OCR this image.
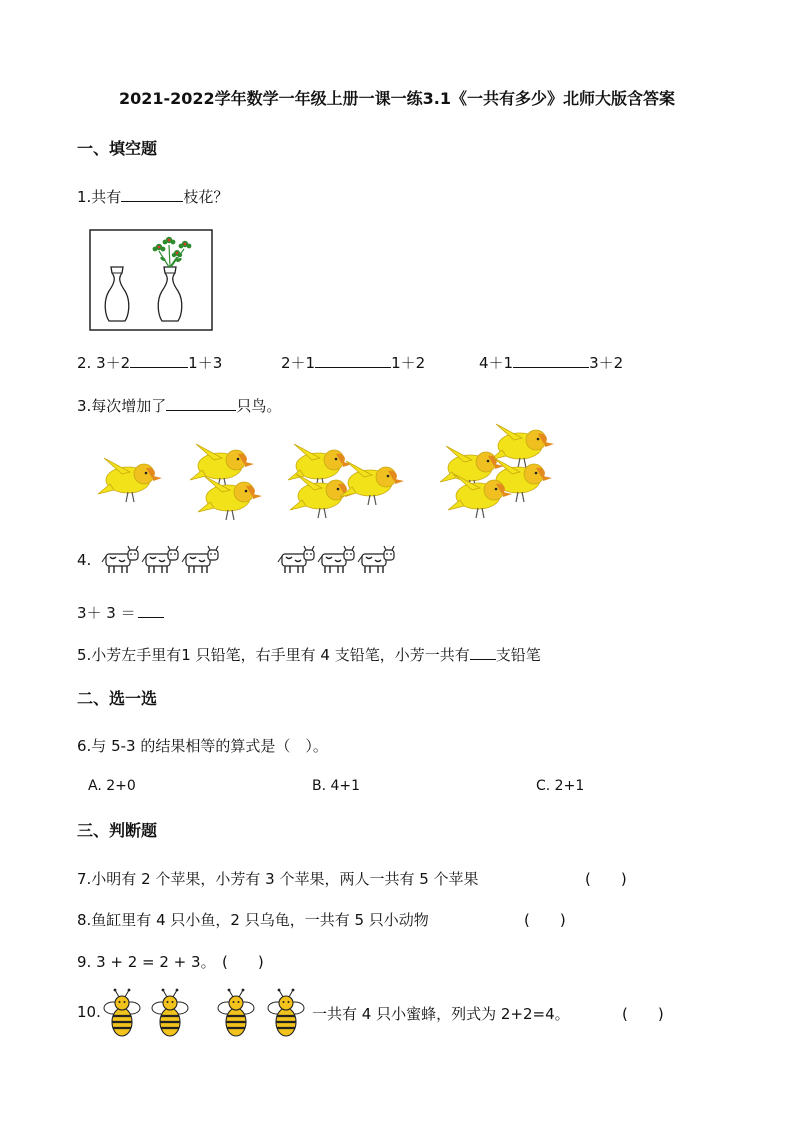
2021-2022学年数学一年级上册一课一练3.1《一共有多少》北师大版含答案
一、填空题
1.共有	枝花？
2. 3＋2	1＋3	2＋1	1＋2	4＋1	3＋2
3.每次增加了	只鸟。
4.
3＋ 3 ＝
5.小芳左手里有1 只铅笔，右手里有 4 支铅笔，小芳一共有 支铅笔
二、选一选
6.与 5-3 的结果相等的算式是（　）。
A. 2+0	B. 4+1	C. 2+1
三、判断题
7.小明有 2 个苹果，小芳有 3 个苹果，两人一共有 5 个苹果	(　　)
8.鱼缸里有 4 只小鱼，2 只乌龟，一共有 5 只小动物	(　　)
9. 3 + 2 = 2 + 3。 (　　)
10.	一共有 4 只小蜜蜂，列式为 2+2=4。	(　　)
